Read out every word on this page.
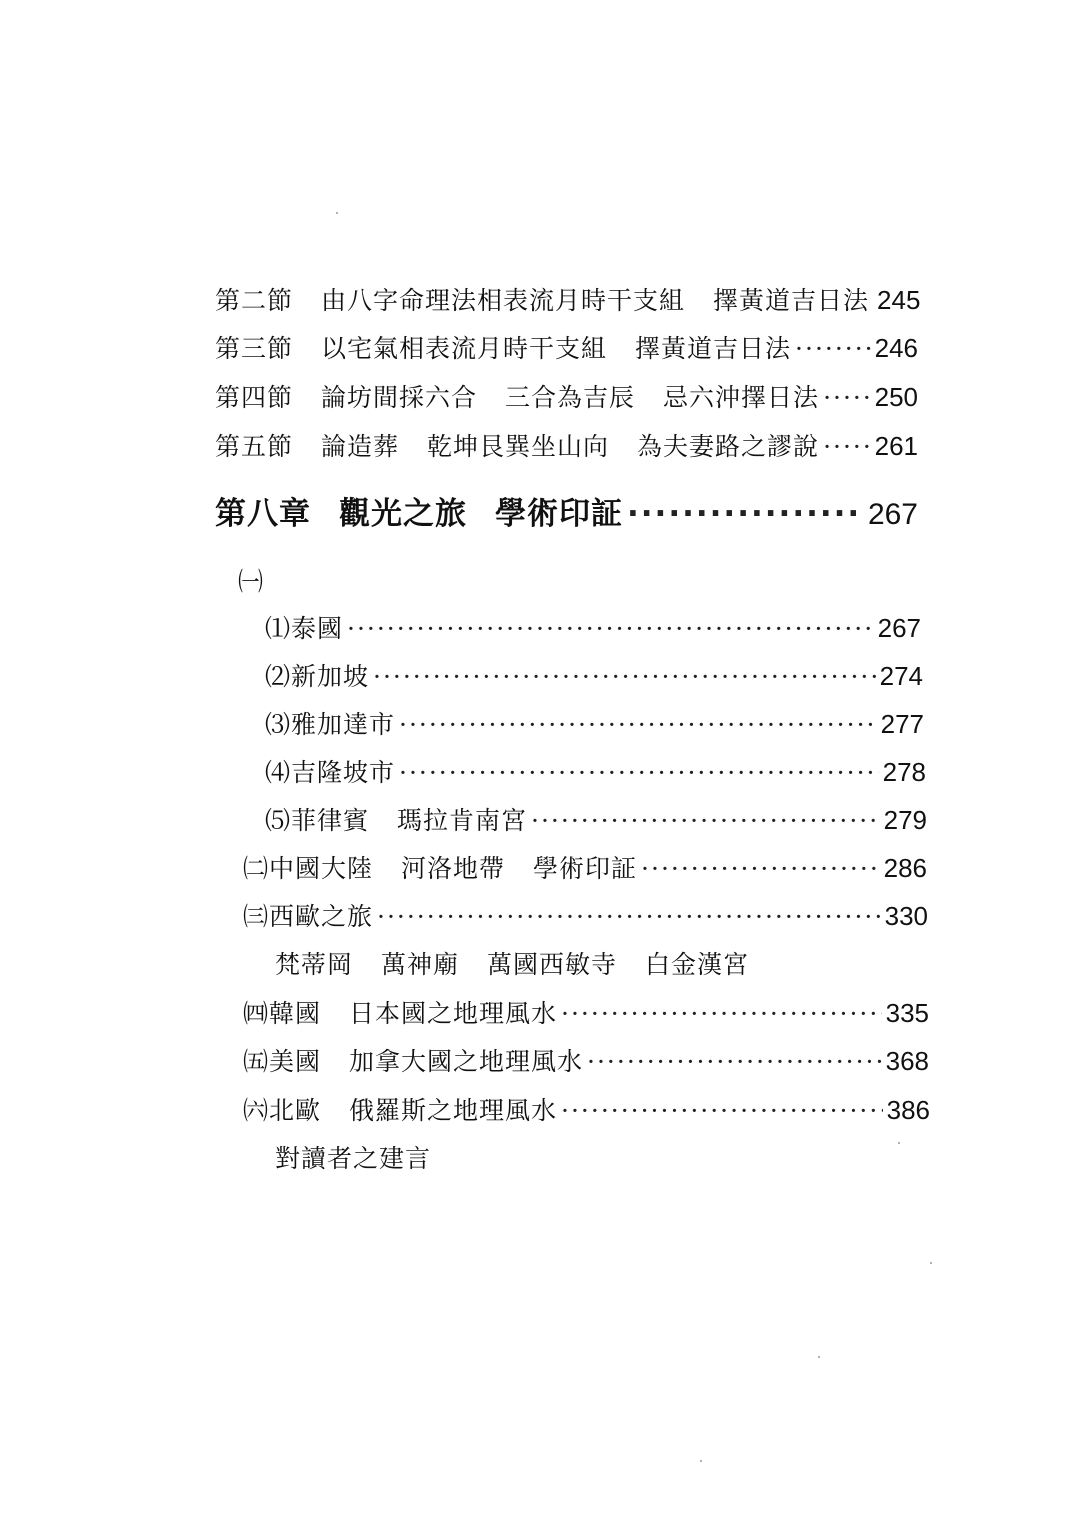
第二節 由八字命理法相表流月時干支組 擇黃道吉日法 245
第三節 以宅氣相表流月時干支組 擇黃道吉日法 ·····	246
第四節 論坊間採六合 三合為吉辰 忌六沖擇日法 ····· 250
第五節 論造葬 乾坤艮巽坐山向 為夫妻路之謬說 ····· 261
第八章 觀光之旅 學術印証 ·····	267
㈠
⑴泰國 ·····	267
⑵新加坡 ·····	274
⑶雅加達市 ·····	277
⑷吉隆坡市 ·····	278
⑸菲律賓 瑪拉肯南宮 ·····	279
㈡中國大陸 河洛地帶 學術印証 ·····	286
㈢西歐之旅 ·····	330
梵蒂岡 萬神廟 萬國西敏寺 白金漢宮
㈣韓國 日本國之地理風水 ·····	335
㈤美國 加拿大國之地理風水 ·····	368
㈥北歐 俄羅斯之地理風水 ·····	386
對讀者之建言
